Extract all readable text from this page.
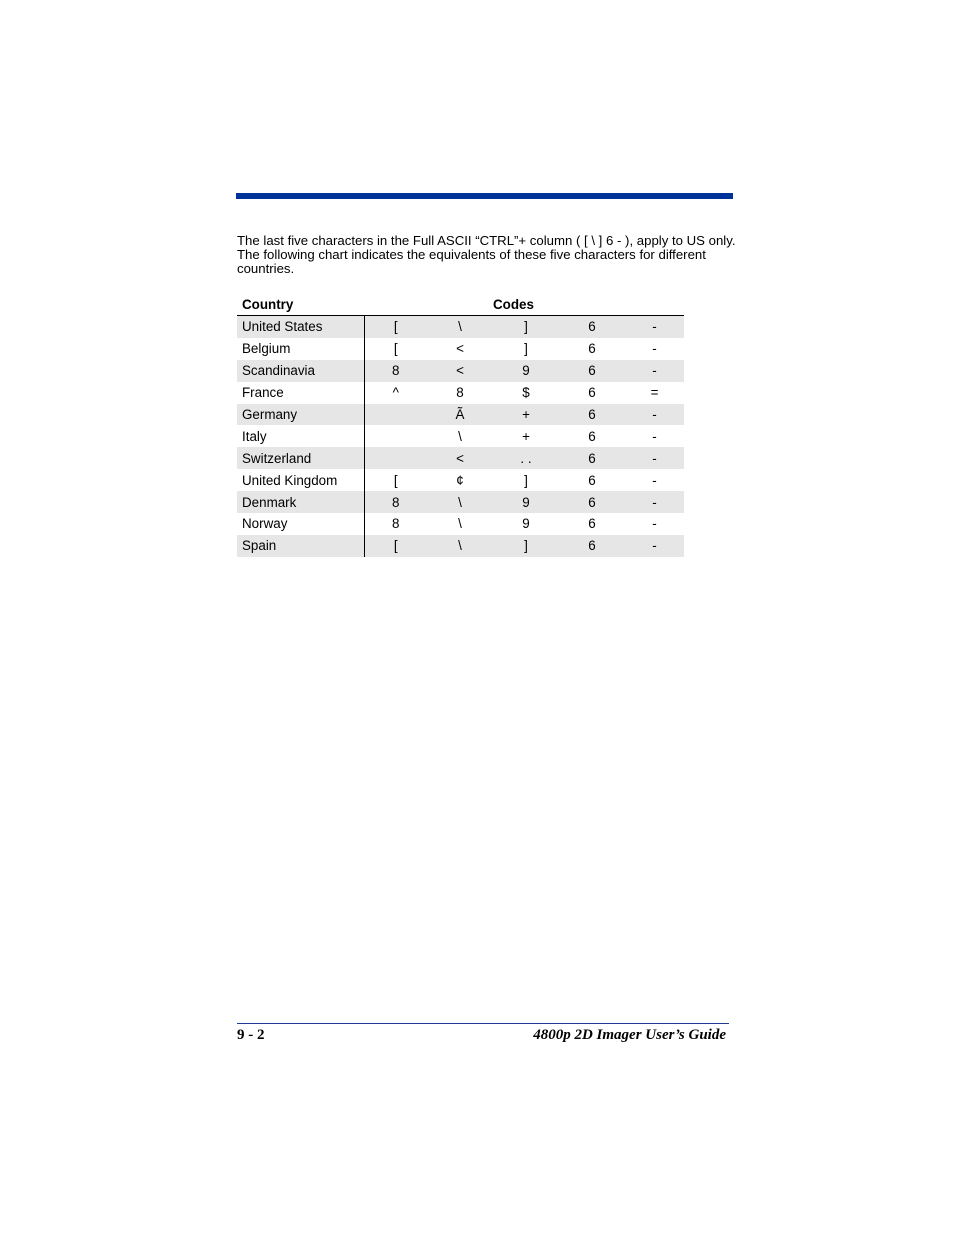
The last five characters in the Full ASCII “CTRL”+ column ( [ \ ] 6 - ), apply to US only. The following chart indicates the equivalents of these five characters for different countries.

Country			Codes		
United States	[	\	]	6	-
Belgium	[	<	]	6	-
Scandinavia	8	<	9	6	-
France	^	8	$	6	=
Germany		Ã	+	6	-
Italy		\	+	6	-
Switzerland		<	. .	6	-
United Kingdom	[	¢	]	6	-
Denmark	8	\	9	6	-
Norway	8	\	9	6	-
Spain	[	\	]	6	-
9 - 2	4800p 2D Imager User’s Guide
